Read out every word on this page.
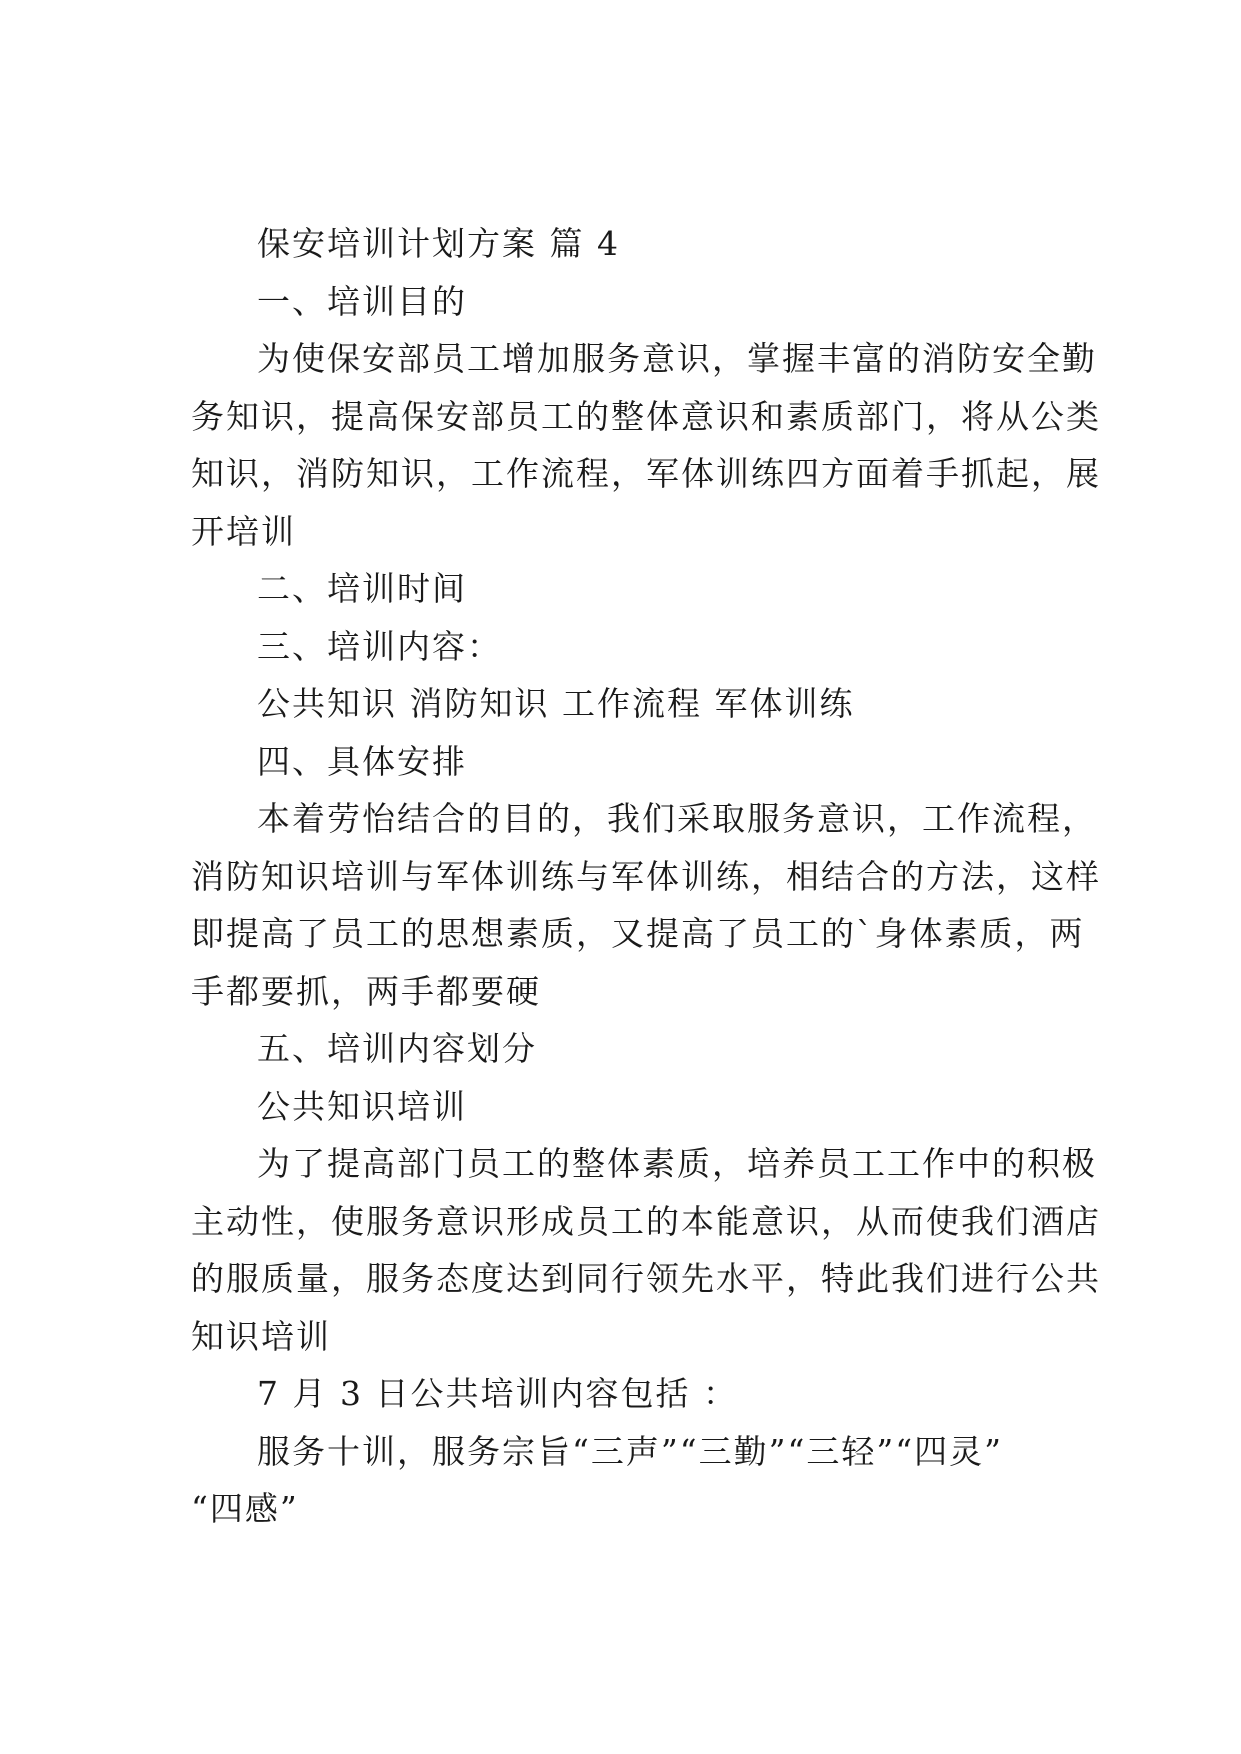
保安培训计划方案 篇 4
一、培训目的
为使保安部员工增加服务意识，掌握丰富的消防安全勤
务知识，提高保安部员工的整体意识和素质部门，将从公类
知识，消防知识，工作流程，军体训练四方面着手抓起，展
开培训
二、培训时间
三、培训内容：
公共知识 消防知识 工作流程 军体训练
四、具体安排
本着劳怡结合的目的，我们采取服务意识，工作流程，
消防知识培训与军体训练与军体训练，相结合的方法，这样
即提高了员工的思想素质，又提高了员工的`身体素质，两
手都要抓，两手都要硬
五、培训内容划分
公共知识培训
为了提高部门员工的整体素质，培养员工工作中的积极
主动性，使服务意识形成员工的本能意识，从而使我们酒店
的服质量，服务态度达到同行领先水平，特此我们进行公共
知识培训
7 月 3 日公共培训内容包括 ：
服务十训，服务宗旨“三声”“三勤”“三轻”“四灵”
“四感”
